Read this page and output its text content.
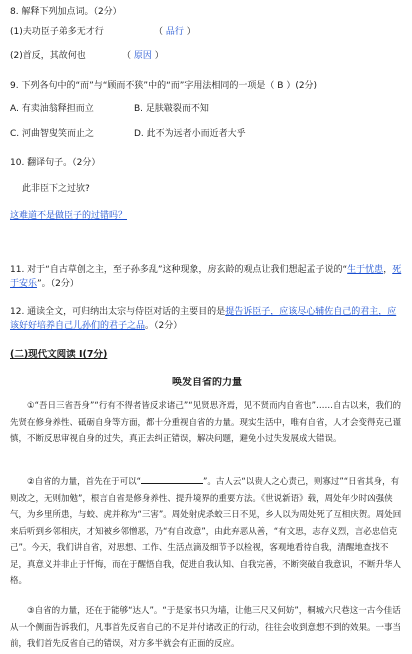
8. 解释下列加点词。（2分）
(1)夫功臣子弟多无才行	（ 品行 ）
(2)首反，其故何也	（ 原因 ）
9. 下列各句中的“而”与“顾而不狭”中的“而”字用法相同的一项是（ B ）(2分)
A. 有卖油翁释担而立	B. 足肤皲裂而不知
C. 河曲智叟笑而止之	D. 此不为远者小而近者大乎
10. 翻译句子。（2分）
此非臣下之过欤?
这难道不是做臣子的过错吗？
11. 对于“自古草创之主，至子孙多乱”这种现象，房玄龄的观点让我们想起孟子说的“生于忧患，死于安乐”。（2分）
12. 通读全文，可归纳出太宗与侍臣对话的主要目的是提告诉臣子，应该尽心辅佐自己的君主，应该好好培养自己儿孙们的君子之品。（2分）
(二)现代文阅读 I(7分)
唤发自省的力量
①“吾日三省吾身”“行有不得者皆反求诸己”“见贤思齐焉，见不贤而内自省也”……自古以来，我们的先贤在修身养性、砥砺自身等方面，都十分重视自省的力量。现实生活中，唯有自省，人才会变得克己谨慎，不断反思审视自身的过失，真正去纠正错误，解决问题，避免小过失发展成大错误。
②自省的力量，首先在于可以“	”。古人云“以贵人之心责己，则寡过”“日省其身，有则改之，无则加勉”，根言自省是修身养性、提升境界的重要方法。《世说新语》载，周处年少时凶强侠气，为乡里所患，与蛟、虎并称为“三害”。周处射虎杀蛟三日不见，乡人以为周处死了互相庆贺。周处回来后听到乡邻相庆，才知被乡邻憎恶，乃“有自改意”，由此弃恶从善，“有文思，志存义烈，言必忠信克己”。今天，我们讲自省，对思想、工作、生活点滴及细节予以检视，客观地看待自我，清醒地查找不足，真意义并非止于忏悔，而在于醒悟自我，促进自我认知、自我完善，不断突破自我意识，不断升华人格。
③自省的力量，还在于能够“达人”。“于是家书只为墙，让他三尺又何妨”，桐城六尺巷这一古今佳话从一个侧面告诉我们，凡事首先反省自己的不足并付诸改正的行动，往往会收到意想不到的效果。一事当前，我们首先反省自己的错误，对方多半就会有正面的反应。
